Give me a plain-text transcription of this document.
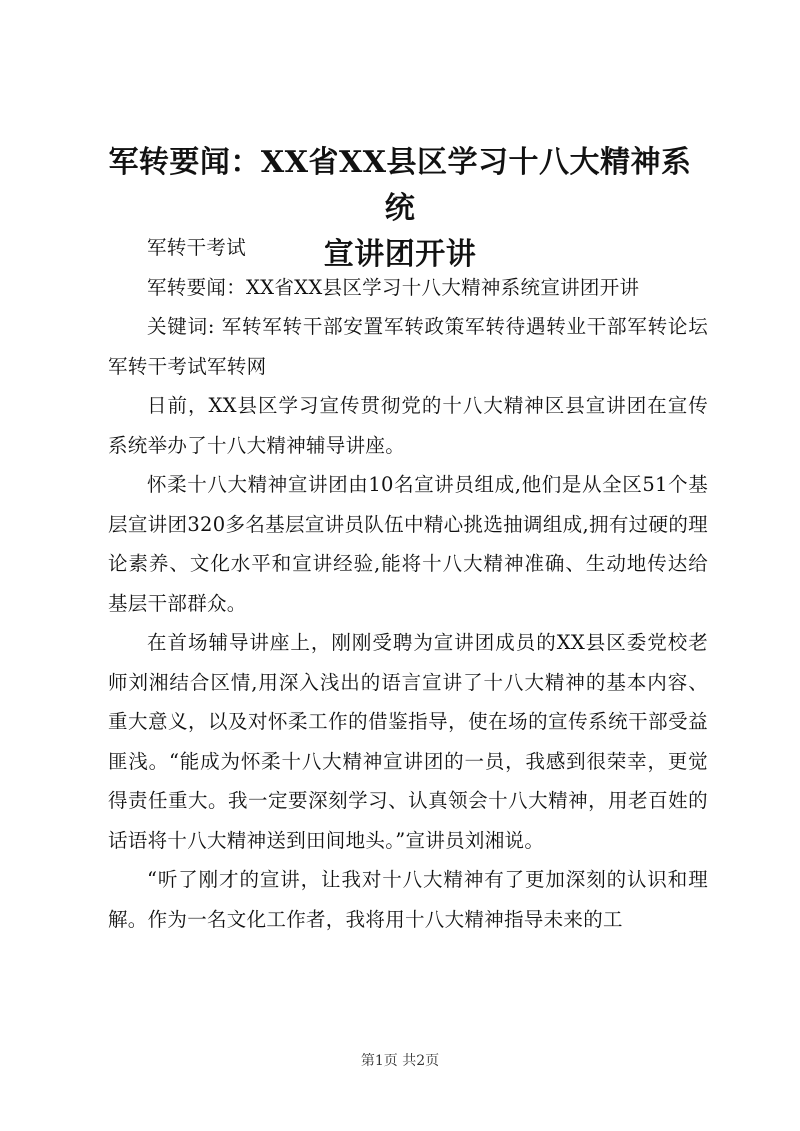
军转要闻：XX省XX县区学习十八大精神系统
宣讲团开讲

军转干考试

军转要闻：XX省XX县区学习十八大精神系统宣讲团开讲

关键词: 军转军转干部安置军转政策军转待遇转业干部军转论坛军转干考试军转网

日前，XX县区学习宣传贯彻党的十八大精神区县宣讲团在宣传系统举办了十八大精神辅导讲座。

怀柔十八大精神宣讲团由10名宣讲员组成,他们是从全区51个基层宣讲团320多名基层宣讲员队伍中精心挑选抽调组成,拥有过硬的理论素养、文化水平和宣讲经验,能将十八大精神准确、生动地传达给基层干部群众。

在首场辅导讲座上，刚刚受聘为宣讲团成员的XX县区委党校老师刘湘结合区情,用深入浅出的语言宣讲了十八大精神的基本内容、重大意义，以及对怀柔工作的借鉴指导，使在场的宣传系统干部受益匪浅。“能成为怀柔十八大精神宣讲团的一员，我感到很荣幸，更觉得责任重大。我一定要深刻学习、认真领会十八大精神，用老百姓的话语将十八大精神送到田间地头。”宣讲员刘湘说。

“听了刚才的宣讲，让我对十八大精神有了更加深刻的认识和理解。作为一名文化工作者，我将用十八大精神指导未来的工

第1页 共2页
